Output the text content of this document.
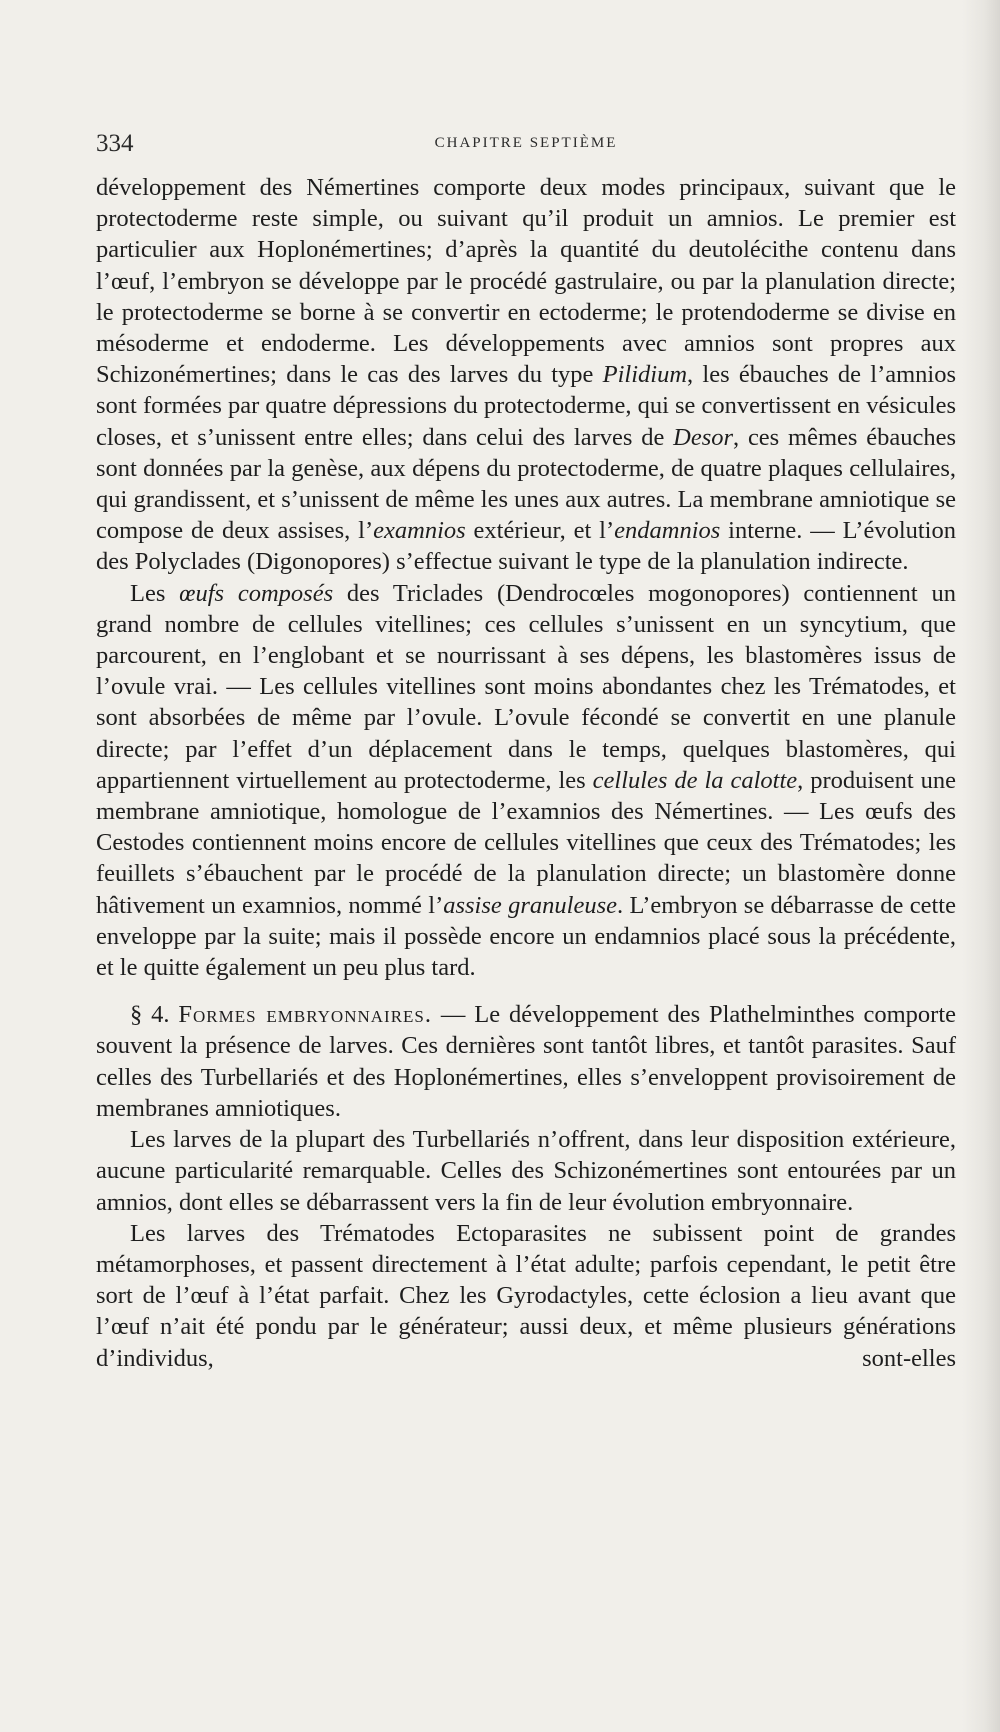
334	CHAPITRE SEPTIÈME

développement des Némertines comporte deux modes principaux, suivant que le protectoderme reste simple, ou suivant qu’il produit un amnios. Le premier est particulier aux Hoplonémertines; d’après la quantité du deutolécithe contenu dans l’œuf, l’embryon se développe par le procédé gastrulaire, ou par la planulation directe; le protectoderme se borne à se convertir en ectoderme; le protendoderme se divise en mésoderme et endoderme. Les développements avec amnios sont propres aux Schizonémertines; dans le cas des larves du type Pilidium, les ébauches de l’amnios sont formées par quatre dépressions du protectoderme, qui se convertissent en vésicules closes, et s’unissent entre elles; dans celui des larves de Desor, ces mêmes ébauches sont données par la genèse, aux dépens du protectoderme, de quatre plaques cellulaires, qui grandissent, et s’unissent de même les unes aux autres. La membrane amniotique se compose de deux assises, l’examnios extérieur, et l’endamnios interne. — L’évolution des Polyclades (Digonopores) s’effectue suivant le type de la planulation indirecte.

Les œufs composés des Triclades (Dendrocœles mogonopores) contiennent un grand nombre de cellules vitellines; ces cellules s’unissent en un syncytium, que parcourent, en l’englobant et se nourrissant à ses dépens, les blastomères issus de l’ovule vrai. — Les cellules vitellines sont moins abondantes chez les Trématodes, et sont absorbées de même par l’ovule. L’ovule fécondé se convertit en une planule directe; par l’effet d’un déplacement dans le temps, quelques blastomères, qui appartiennent virtuellement au protectoderme, les cellules de la calotte, produisent une membrane amniotique, homologue de l’examnios des Némertines. — Les œufs des Cestodes contiennent moins encore de cellules vitellines que ceux des Trématodes; les feuillets s’ébauchent par le procédé de la planulation directe; un blastomère donne hâtivement un examnios, nommé l’assise granuleuse. L’embryon se débarrasse de cette enveloppe par la suite; mais il possède encore un endamnios placé sous la précédente, et le quitte également un peu plus tard.

§ 4. Formes embryonnaires. — Le développement des Plathelminthes comporte souvent la présence de larves. Ces dernières sont tantôt libres, et tantôt parasites. Sauf celles des Turbellariés et des Hoplonémertines, elles s’enveloppent provisoirement de membranes amniotiques.

Les larves de la plupart des Turbellariés n’offrent, dans leur disposition extérieure, aucune particularité remarquable. Celles des Schizonémertines sont entourées par un amnios, dont elles se débarrassent vers la fin de leur évolution embryonnaire.

Les larves des Trématodes Ectoparasites ne subissent point de grandes métamorphoses, et passent directement à l’état adulte; parfois cependant, le petit être sort de l’œuf à l’état parfait. Chez les Gyrodactyles, cette éclosion a lieu avant que l’œuf n’ait été pondu par le générateur; aussi deux, et même plusieurs générations d’individus, sont-elles
